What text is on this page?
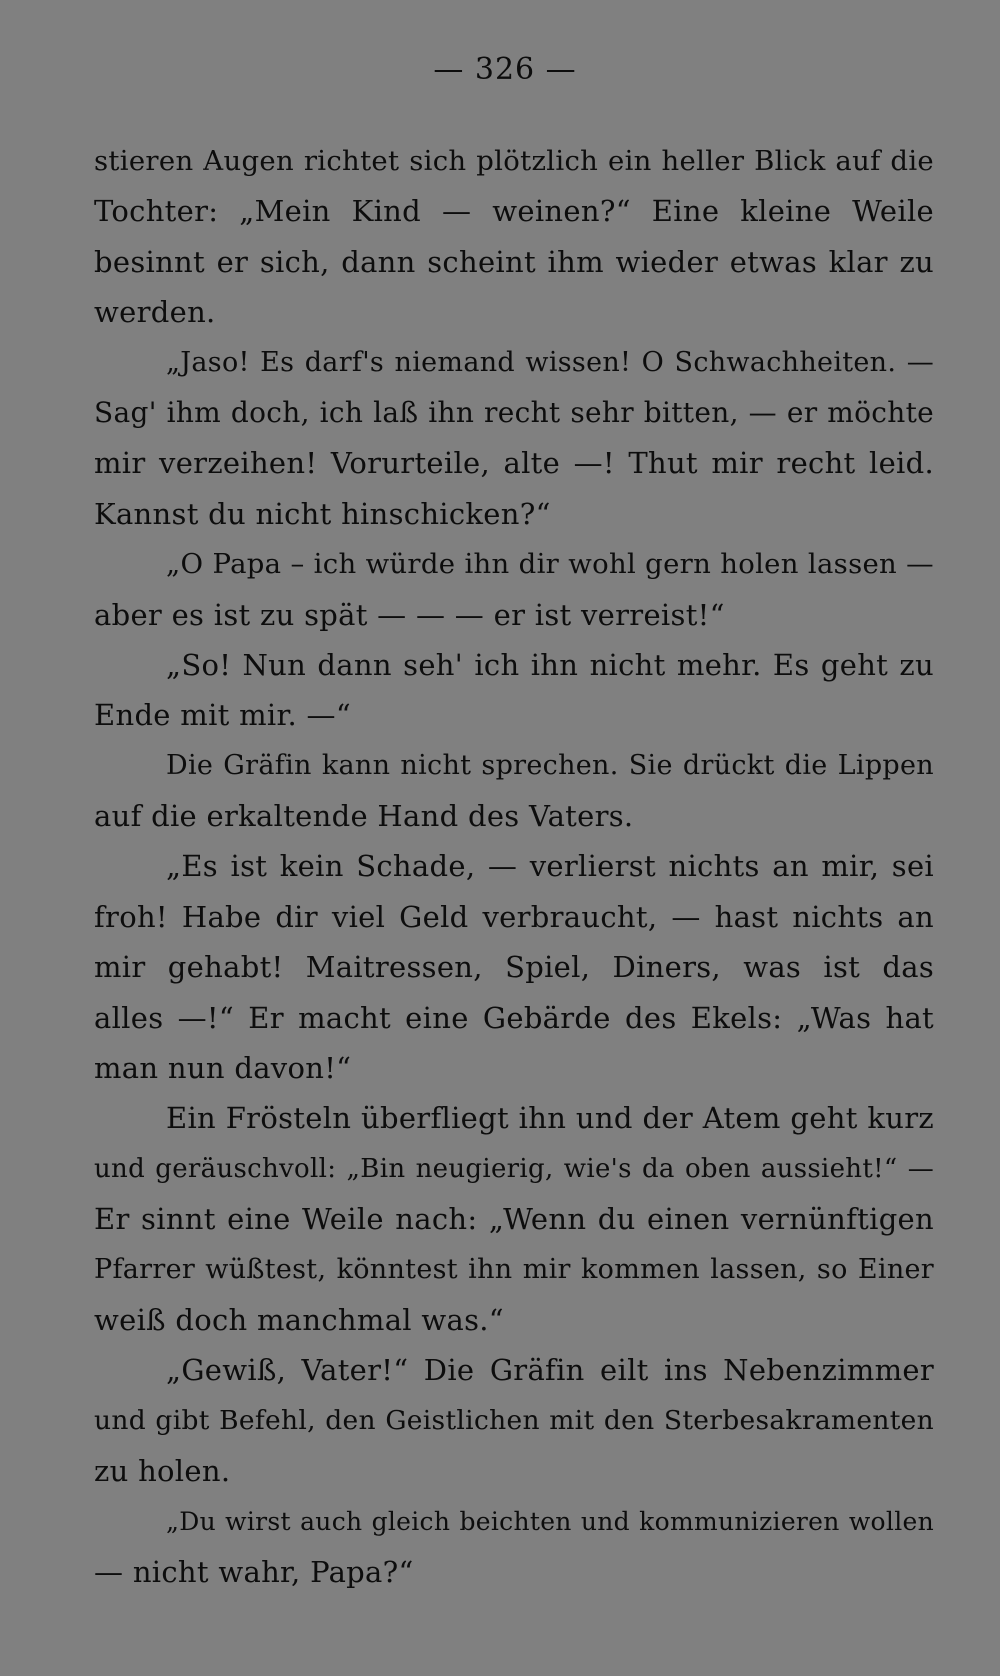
— 326 —
stieren Augen richtet sich plötzlich ein heller Blick auf die
Tochter: „Mein Kind — weinen?“ Eine kleine Weile
besinnt er sich, dann scheint ihm wieder etwas klar zu
werden.
„Jaso! Es darf's niemand wissen! O Schwachheiten. —
Sag' ihm doch, ich laß ihn recht sehr bitten, — er möchte
mir verzeihen! Vorurteile, alte —! Thut mir recht leid.
Kannst du nicht hinschicken?“
„O Papa – ich würde ihn dir wohl gern holen lassen —
aber es ist zu spät — — — er ist verreist!“
„So! Nun dann seh' ich ihn nicht mehr. Es geht zu
Ende mit mir. —“
Die Gräfin kann nicht sprechen. Sie drückt die Lippen
auf die erkaltende Hand des Vaters.
„Es ist kein Schade, — verlierst nichts an mir, sei
froh! Habe dir viel Geld verbraucht, — hast nichts an
mir gehabt! Maitressen, Spiel, Diners, was ist das
alles —!“ Er macht eine Gebärde des Ekels: „Was hat
man nun davon!“
Ein Frösteln überfliegt ihn und der Atem geht kurz
und geräuschvoll: „Bin neugierig, wie's da oben aussieht!“ —
Er sinnt eine Weile nach: „Wenn du einen vernünftigen
Pfarrer wüßtest, könntest ihn mir kommen lassen, so Einer
weiß doch manchmal was.“
„Gewiß, Vater!“ Die Gräfin eilt ins Nebenzimmer
und gibt Befehl, den Geistlichen mit den Sterbesakramenten
zu holen.
„Du wirst auch gleich beichten und kommunizieren wollen
— nicht wahr, Papa?“
